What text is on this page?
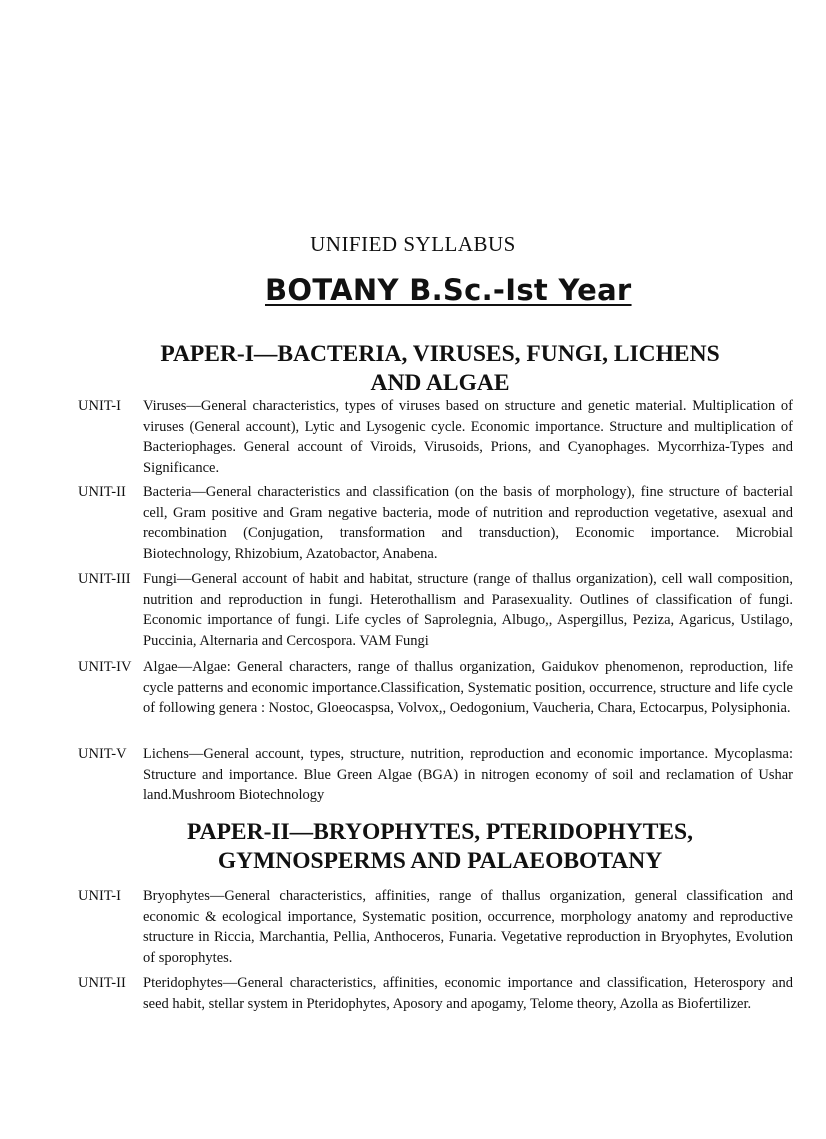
UNIFIED SYLLABUS
BOTANY B.Sc.-Ist Year
PAPER-I—BACTERIA, VIRUSES, FUNGI, LICHENS
AND ALGAE
UNIT-I	Viruses—General characteristics, types of viruses based on structure and genetic material. Multiplication of viruses (General account), Lytic and Lysogenic cycle. Economic importance. Structure and multiplication of Bacteriophages. General account of Viroids, Virusoids, Prions, and Cyanophages. Mycorrhiza-Types and Significance.
UNIT-II	Bacteria—General characteristics and classification (on the basis of morphology), fine structure of bacterial cell, Gram positive and Gram negative bacteria, mode of nutrition and reproduction vegetative, asexual and recombination (Conjugation, transformation and transduction), Economic importance. Microbial Biotechnology, Rhizobium, Azatobactor, Anabena.
UNIT-III Fungi—General account of habit and habitat, structure (range of thallus organization), cell wall composition, nutrition and reproduction in fungi. Heterothallism and Parasexuality. Outlines of classification of fungi. Economic importance of fungi. Life cycles of Saprolegnia, Albugo,, Aspergillus, Peziza, Agaricus, Ustilago, Puccinia, Alternaria and Cercospora. VAM Fungi
UNIT-IV Algae—Algae: General characters, range of thallus organization, Gaidukov phenomenon, reproduction, life cycle patterns and economic importance.Classification, Systematic position, occurrence, structure and life cycle of following genera : Nostoc, Gloeocaspsa, Volvox,, Oedogonium, Vaucheria, Chara, Ectocarpus, Polysiphonia.
UNIT-V	Lichens—General account, types, structure, nutrition, reproduction and economic importance. Mycoplasma: Structure and importance. Blue Green Algae (BGA) in nitrogen economy of soil and reclamation of Ushar land.Mushroom Biotechnology
PAPER-II—BRYOPHYTES, PTERIDOPHYTES,
GYMNOSPERMS AND PALAEOBOTANY
UNIT-I	Bryophytes—General characteristics, affinities, range of thallus organization, general classification and economic & ecological importance, Systematic position, occurrence, morphology anatomy and reproductive structure in Riccia, Marchantia, Pellia, Anthoceros, Funaria. Vegetative reproduction in Bryophytes, Evolution of sporophytes.
UNIT-II	Pteridophytes—General characteristics, affinities, economic importance and classification, Heterospory and seed habit, stellar system in Pteridophytes, Aposory and apogamy, Telome theory, Azolla as Biofertilizer.
